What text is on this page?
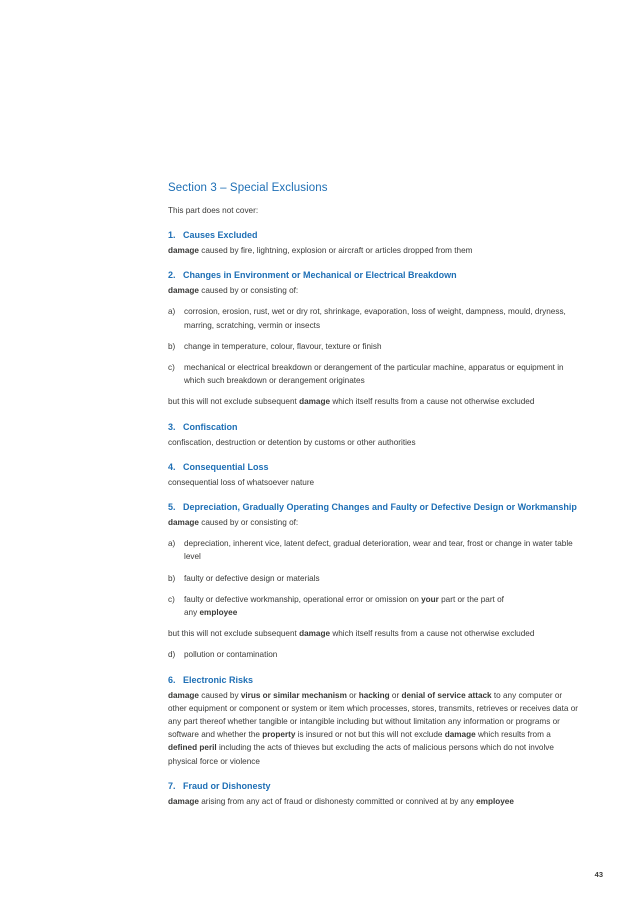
Section 3 – Special Exclusions

This part does not cover:

1. Causes Excluded

damage caused by fire, lightning, explosion or aircraft or articles dropped from them

2. Changes in Environment or Mechanical or Electrical Breakdown

damage caused by or consisting of:

a) corrosion, erosion, rust, wet or dry rot, shrinkage, evaporation, loss of weight, dampness, mould, dryness, marring, scratching, vermin or insects
b) change in temperature, colour, flavour, texture or finish
c) mechanical or electrical breakdown or derangement of the particular machine, apparatus or equipment in which such breakdown or derangement originates

but this will not exclude subsequent damage which itself results from a cause not otherwise excluded

3. Confiscation

confiscation, destruction or detention by customs or other authorities

4. Consequential Loss

consequential loss of whatsoever nature

5. Depreciation, Gradually Operating Changes and Faulty or Defective Design or Workmanship

damage caused by or consisting of:

a) depreciation, inherent vice, latent defect, gradual deterioration, wear and tear, frost or change in water table level
b) faulty or defective design or materials
c) faulty or defective workmanship, operational error or omission on your part or the part of
any employee

but this will not exclude subsequent damage which itself results from a cause not otherwise excluded

d) pollution or contamination
6. Electronic Risks

damage caused by virus or similar mechanism or hacking or denial of service attack to any computer or other equipment or component or system or item which processes, stores, transmits, retrieves or receives data or any part thereof whether tangible or intangible including but without limitation any information or programs or software and whether the property is insured or not but this will not exclude damage which results from a defined peril including the acts of thieves but excluding the acts of malicious persons which do not involve physical force or violence

7. Fraud or Dishonesty

damage arising from any act of fraud or dishonesty committed or connived at by any employee

43
